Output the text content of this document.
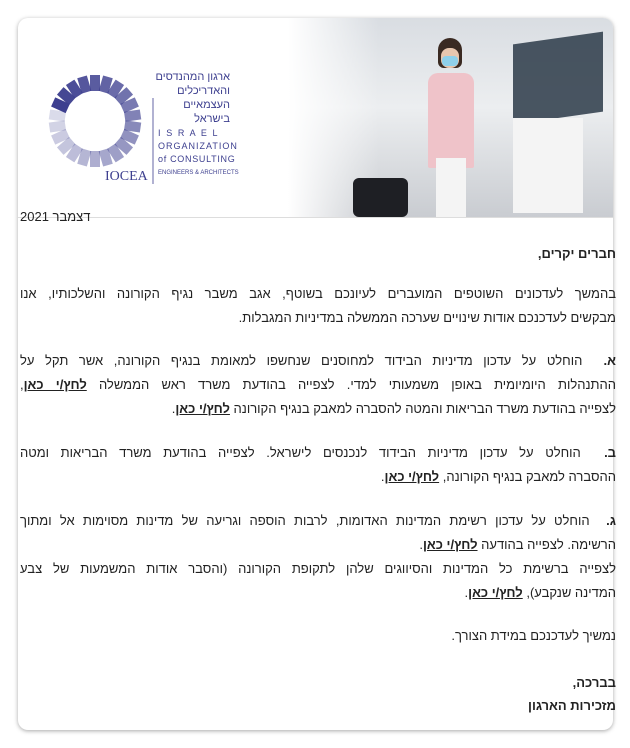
IOCEA
ארגון המהנדסים
והאדריכלים
העצמאיים
בישראל
I S R A E L
ORGANIZATION
of CONSULTING
ENGINEERS & ARCHITECTS
דצמבר 2021
חברים יקרים,
בהמשך לעדכונים השוטפים המועברים לעיונכם בשוטף, אגב משבר נגיף הקורונה והשלכותיו, אנו
מבקשים לעדכנכם אודות שינויים שערכה הממשלה במדיניות המגבלות.
א.  הוחלט על עדכון מדיניות הבידוד למחוסנים שנחשפו למאומת בנגיף הקורונה, אשר תקל על
ההתנהלות היומיומית באופן משמעותי למדי. לצפייה בהודעת משרד ראש הממשלה לחץ/י כאן,
לצפייה בהודעת משרד הבריאות והמטה להסברה למאבק בנגיף הקורונה לחץ/י כאן.
ב.  הוחלט על עדכון מדיניות הבידוד לנכנסים לישראל. לצפייה בהודעת משרד הבריאות ומטה
ההסברה למאבק בנגיף הקורונה, לחץ/י כאן.
ג.  הוחלט על עדכון רשימת המדינות האדומות, לרבות הוספה וגריעה של מדינות מסוימות אל ומתוך
הרשימה. לצפייה בהודעה לחץ/י כאן.
לצפייה ברשימת כל המדינות והסיווגים שלהן לתקופת הקורונה (והסבר אודות המשמעות של צבע
המדינה שנקבע), לחץ/י כאן.
נמשיך לעדכנכם במידת הצורך.
בברכה,
מזכירות הארגון
